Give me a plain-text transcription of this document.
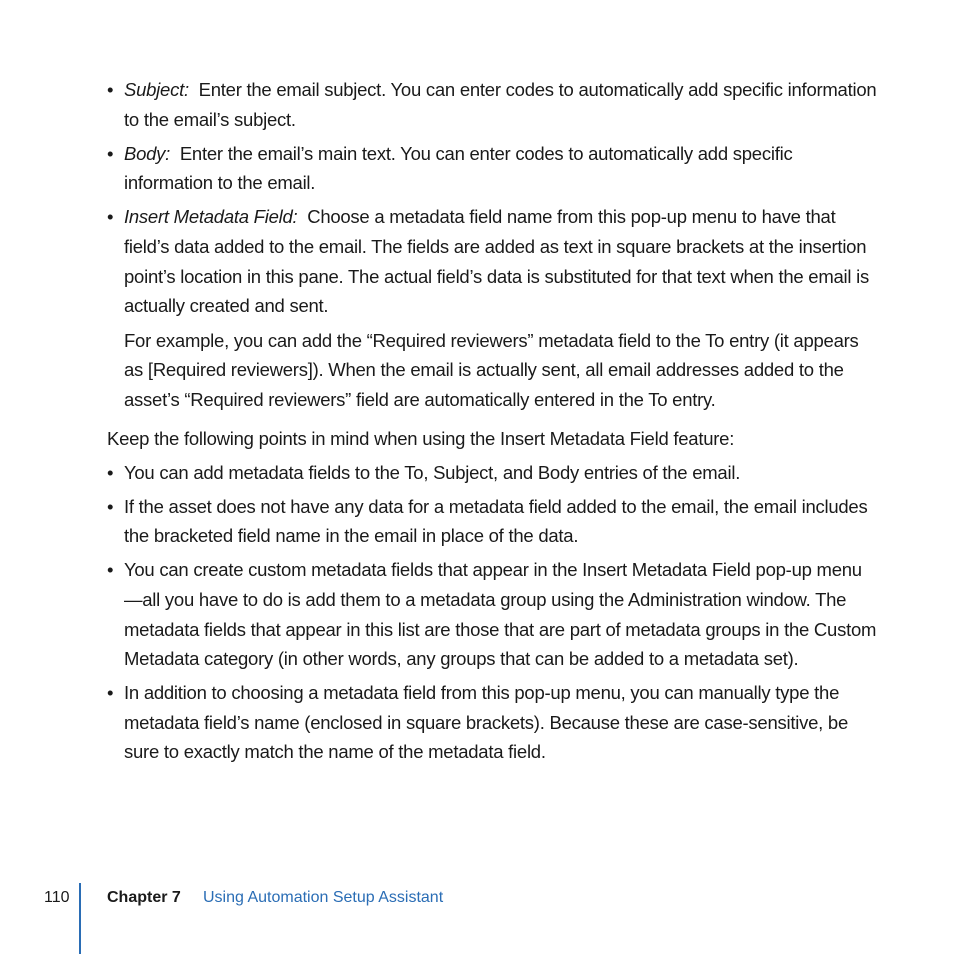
• Subject: Enter the email subject. You can enter codes to automatically add specific information to the email’s subject.
• Body: Enter the email’s main text. You can enter codes to automatically add specific information to the email.
• Insert Metadata Field: Choose a metadata field name from this pop-up menu to have that field’s data added to the email. The fields are added as text in square brackets at the insertion point’s location in this pane. The actual field’s data is substituted for that text when the email is actually created and sent.
For example, you can add the “Required reviewers” metadata field to the To entry (it appears as [Required reviewers]). When the email is actually sent, all email addresses added to the asset’s “Required reviewers” field are automatically entered in the To entry.
Keep the following points in mind when using the Insert Metadata Field feature:
• You can add metadata fields to the To, Subject, and Body entries of the email.
• If the asset does not have any data for a metadata field added to the email, the email includes the bracketed field name in the email in place of the data.
• You can create custom metadata fields that appear in the Insert Metadata Field pop-up menu—all you have to do is add them to a metadata group using the Administration window. The metadata fields that appear in this list are those that are part of metadata groups in the Custom Metadata category (in other words, any groups that can be added to a metadata set).
• In addition to choosing a metadata field from this pop-up menu, you can manually type the metadata field’s name (enclosed in square brackets). Because these are case-sensitive, be sure to exactly match the name of the metadata field.
110 Chapter 7 Using Automation Setup Assistant
